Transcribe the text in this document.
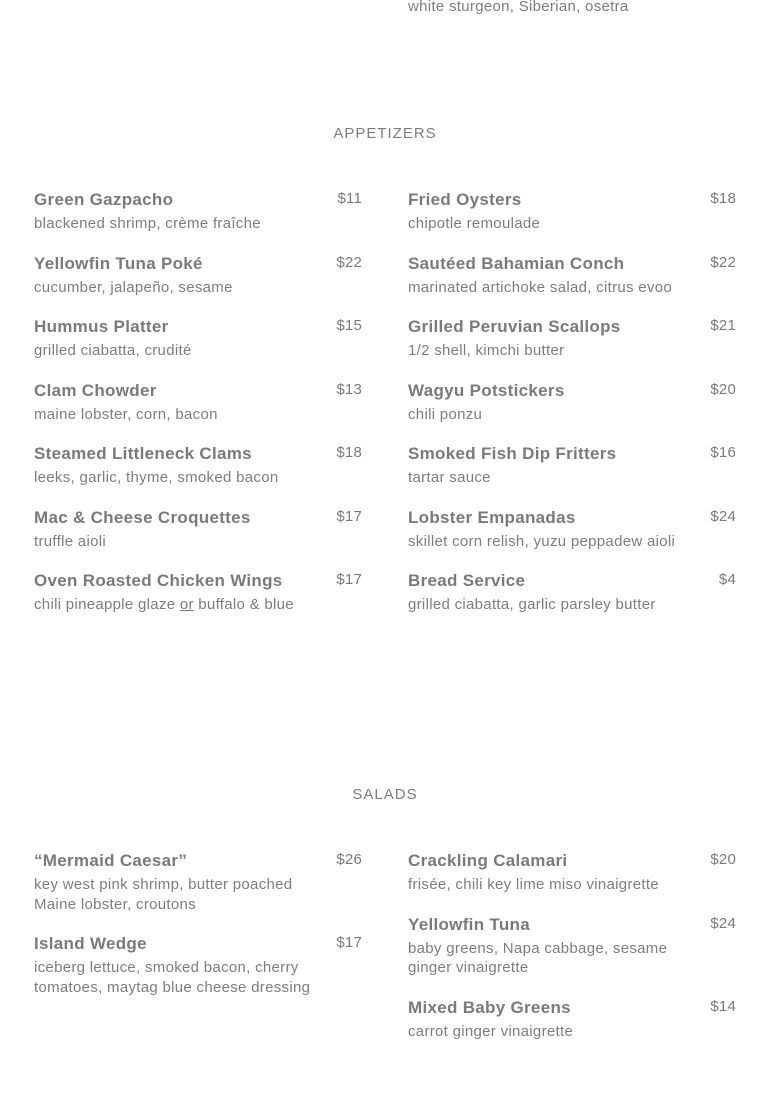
white sturgeon, Siberian, osetra
APPETIZERS
Green Gazpacho	$11
blackened shrimp, crème fraîche
Yellowfin Tuna Poké	$22
cucumber, jalapeño, sesame
Hummus Platter	$15
grilled ciabatta, crudité
Clam Chowder	$13
maine lobster, corn, bacon
Steamed Littleneck Clams	$18
leeks, garlic, thyme, smoked bacon
Mac & Cheese Croquettes	$17
truffle aioli
Oven Roasted Chicken Wings	$17
chili pineapple glaze or buffalo & blue
Fried Oysters	$18
chipotle remoulade
Sautéed Bahamian Conch	$22
marinated artichoke salad, citrus evoo
Grilled Peruvian Scallops	$21
1/2 shell, kimchi butter
Wagyu Potstickers	$20
chili ponzu
Smoked Fish Dip Fritters	$16
tartar sauce
Lobster Empanadas	$24
skillet corn relish, yuzu peppadew aioli
Bread Service	$4
grilled ciabatta, garlic parsley butter
SALADS
“Mermaid Caesar”	$26
key west pink shrimp, butter poached Maine lobster, croutons
Island Wedge	$17
iceberg lettuce, smoked bacon, cherry tomatoes, maytag blue cheese dressing
Crackling Calamari	$20
frisée, chili key lime miso vinaigrette
Yellowfin Tuna	$24
baby greens, Napa cabbage, sesame ginger vinaigrette
Mixed Baby Greens	$14
carrot ginger vinaigrette
